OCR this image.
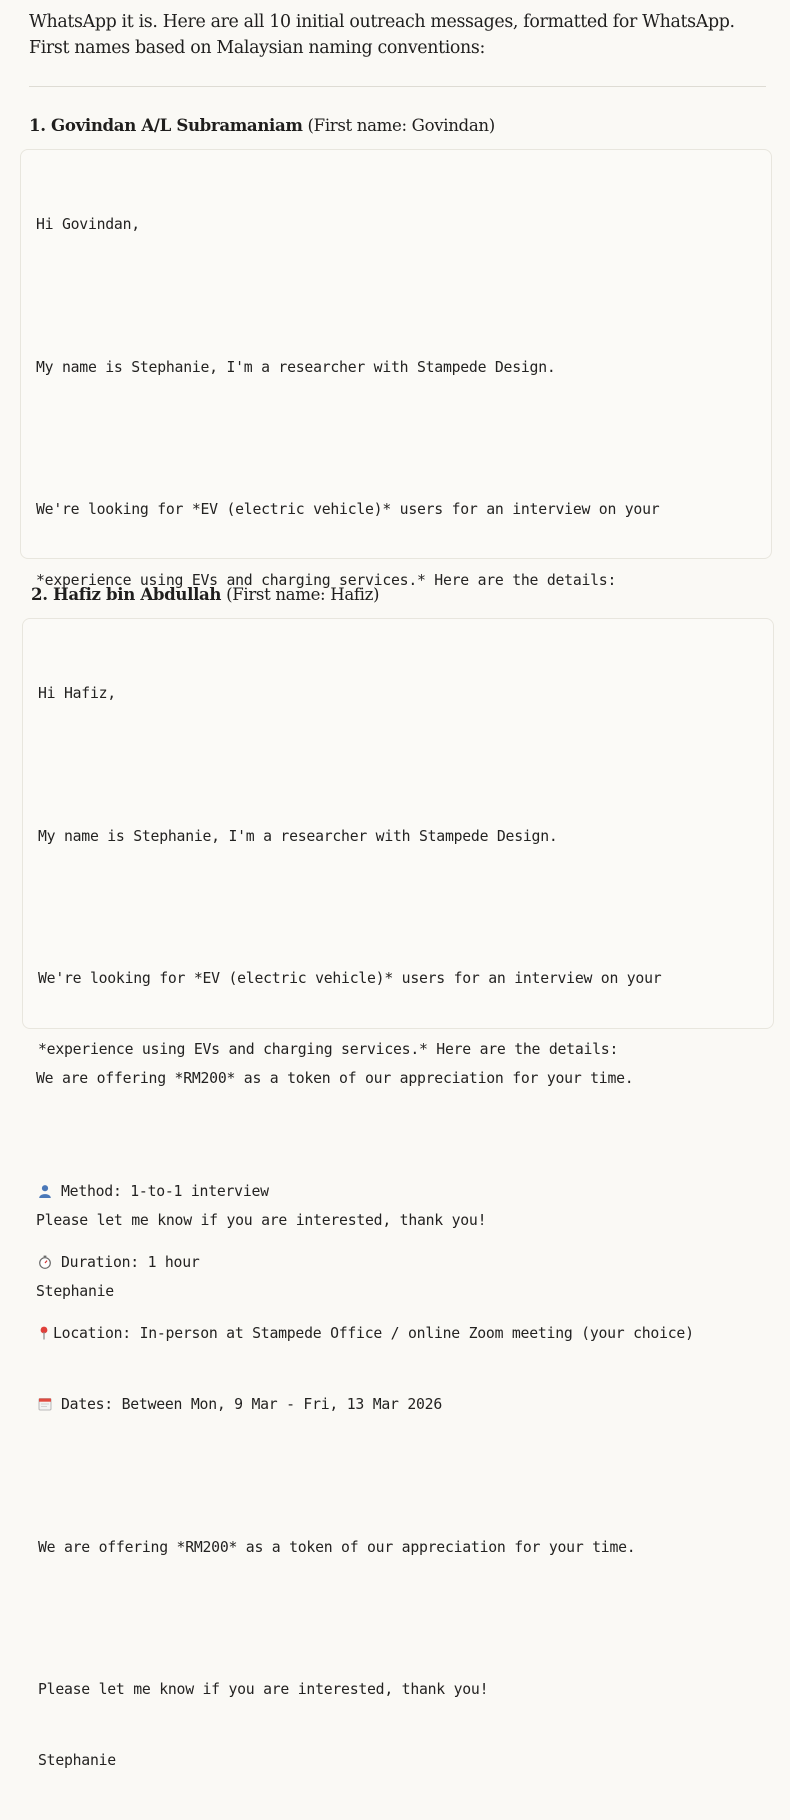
WhatsApp it is. Here are all 10 initial outreach messages, formatted for WhatsApp. First names based on Malaysian naming conventions:

1. Govindan A/L Subramaniam (First name: Govindan)

Hi Govindan,

My name is Stephanie, I'm a researcher with Stampede Design.

We're looking for *EV (electric vehicle)* users for an interview on your

*experience using EVs and charging services.* Here are the details:

We are offering *RM200* as a token of our appreciation for your time.

Please let me know if you are interested, thank you!

Stephanie

2. Hafiz bin Abdullah (First name: Hafiz)

Hi Hafiz,

My name is Stephanie, I'm a researcher with Stampede Design.

We're looking for *EV (electric vehicle)* users for an interview on your

*experience using EVs and charging services.* Here are the details:

Method: 1-to-1 interview

Duration: 1 hour

Location: In-person at Stampede Office / online Zoom meeting (your choice)

Dates: Between Mon, 9 Mar - Fri, 13 Mar 2026

We are offering *RM200* as a token of our appreciation for your time.

Please let me know if you are interested, thank you!

Stephanie
